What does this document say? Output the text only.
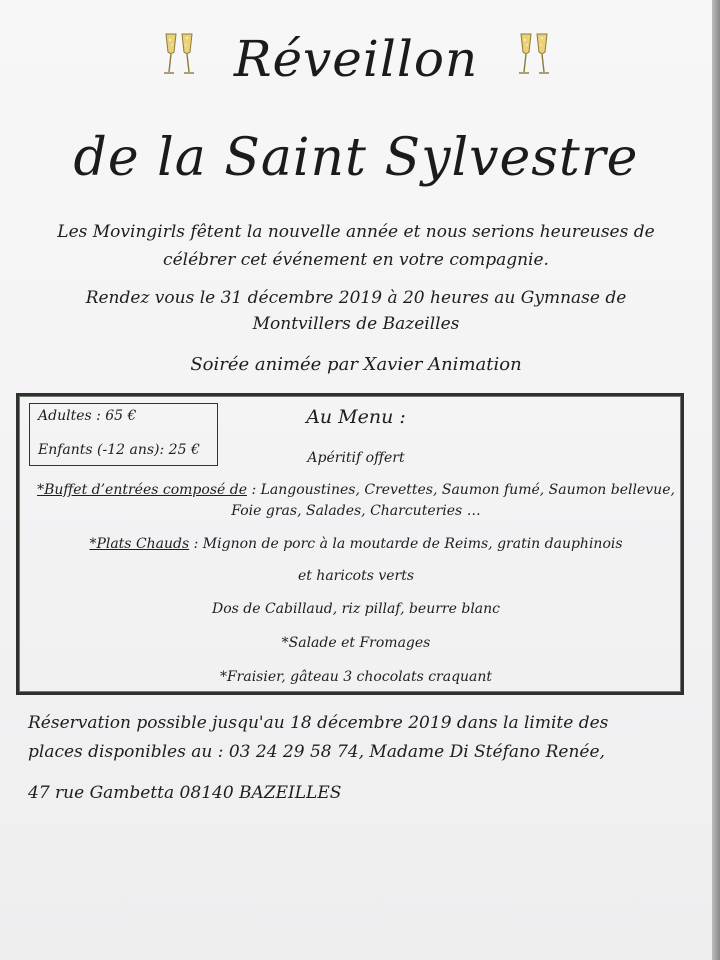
Réveillon
de la Saint Sylvestre
Les Movingirls fêtent la nouvelle année et nous serions heureuses de
célébrer cet événement en votre compagnie.
Rendez vous le 31 décembre 2019 à 20 heures au Gymnase de
Montvillers de Bazeilles
Soirée animée par Xavier Animation
Adultes : 65 €
Enfants (-12 ans): 25 €
Au Menu :
Apéritif offert
*Buffet d’entrées composé de : Langoustines, Crevettes, Saumon fumé, Saumon bellevue,
Foie gras, Salades, Charcuteries …
*Plats Chauds : Mignon de porc à la moutarde de Reims, gratin dauphinois
et haricots verts
Dos de Cabillaud, riz pillaf, beurre blanc
*Salade et Fromages
*Fraisier, gâteau 3 chocolats craquant
Réservation possible jusqu'au 18 décembre 2019 dans la limite des
places disponibles au : 03 24 29 58 74, Madame Di Stéfano Renée,
47 rue Gambetta 08140 BAZEILLES
